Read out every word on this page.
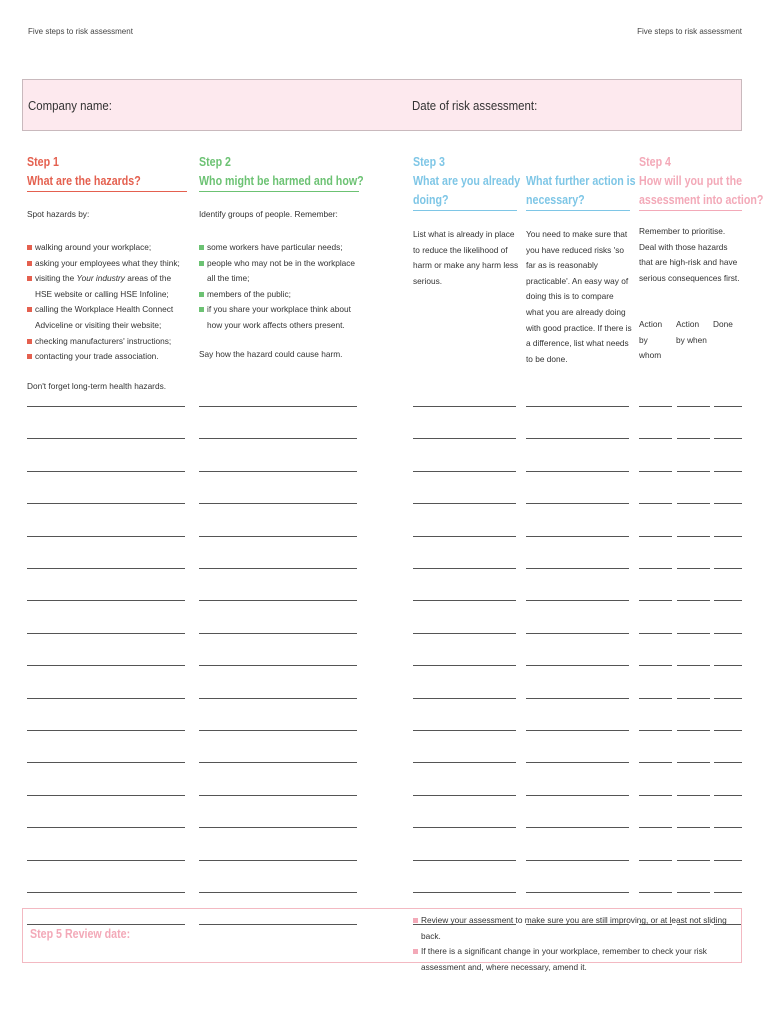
Five steps to risk assessment	Five steps to risk assessment
Company name:	Date of risk assessment:
Step 1
What are the hazards?
Spot hazards by:
walking around your workplace;
asking your employees what they think;
visiting the Your industry areas of the HSE website or calling HSE Infoline;
calling the Workplace Health Connect Adviceline or visiting their website;
checking manufacturers' instructions;
contacting your trade association.
Don't forget long-term health hazards.
Step 2
Who might be harmed and how?
Identify groups of people. Remember:
some workers have particular needs;
people who may not be in the workplace all the time;
members of the public;
if you share your workplace think about how your work affects others present.
Say how the hazard could cause harm.
Step 3
What are you already
doing?
What further action is
necessary?
List what is already in place to reduce the likelihood of harm or make any harm less serious.
You need to make sure that you have reduced risks 'so far as is reasonably practicable'. An easy way of doing this is to compare what you are already doing with good practice. If there is a difference, list what needs to be done.
Step 4
How will you put the
assessment into action?
Remember to prioritise. Deal with those hazards that are high-risk and have serious consequences first.
Action by whom
Action by when
Done
Step 5 Review date:
Review your assessment to make sure you are still improving, or at least not sliding back.
If there is a significant change in your workplace, remember to check your risk assessment and, where necessary, amend it.
